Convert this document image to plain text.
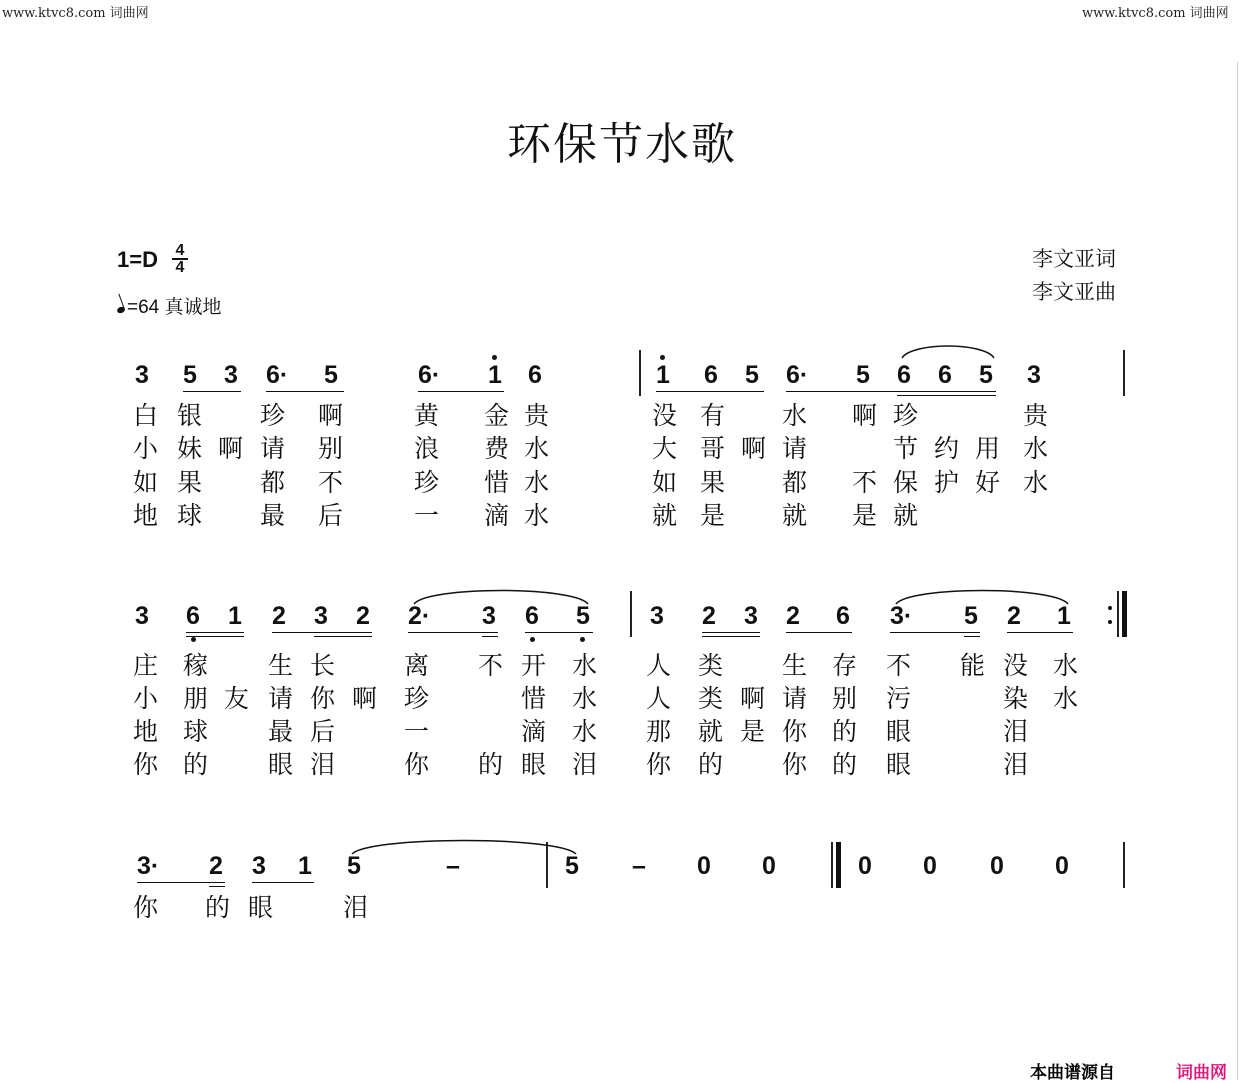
www.ktvc8.com 词曲网	www.ktvc8.com 词曲网
环保节水歌
李文亚词
李文亚曲
$1=D \frac{4}{4}$
=64 真诚地
3 5 3 6· 5	6· 1 6	1 6 5 6· 5 6 6 5 3
白 银 珍 啊	黄 金 贵	没 有 水 啊 珍	贵
小 妹 啊 请 别	浪 费 水	大 哥 啊 请	节 约 用 水
如 果 都 不	珍 惜 水	如 果 都 不 保 护 好 水
地 球 最 后	一 滴 水	就 是 就 是 就
3 6 1 2 3 2 2· 3 6 5 3 2 3 2 6 3· 5 2 1
庄 稼 生 长	离 不 开 水 人 类 生 存 不 能 没 水
小 朋 友 请 你 啊 珍	惜 水 人 类 啊 请 别 污	染 水
地 球 最 后	一	滴 水 那 就 是 你 的 眼	泪
你 的 眼 泪	你 的 眼 泪 你 的 你 的 眼	泪
3· 2 3 1 5	–	5 – 0 0	0 0 0 0
你 的 眼	泪
本曲谱源自	词曲网
